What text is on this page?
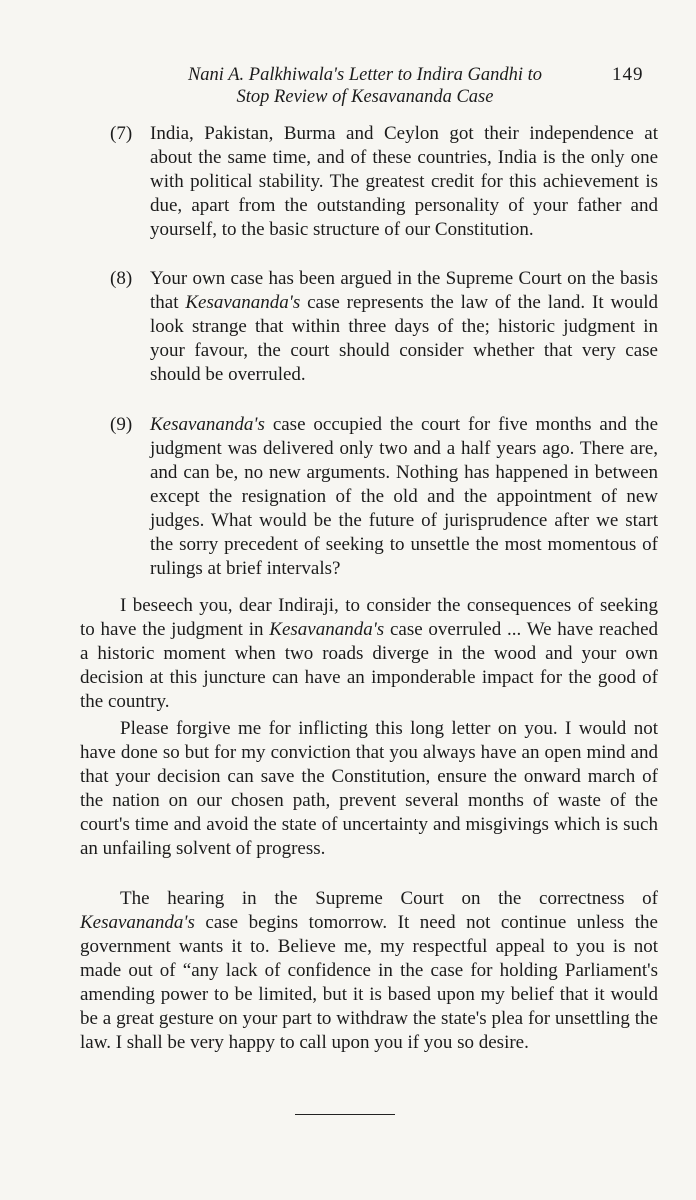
Nani A. Palkhiwala's Letter to Indira Gandhi to
Stop Review of Kesavananda Case
149
(7) India, Pakistan, Burma and Ceylon got their independence at about the same time, and of these countries, India is the only one with political stability. The greatest credit for this achievement is due, apart from the outstanding personality of your father and yourself, to the basic structure of our Constitution.
(8) Your own case has been argued in the Supreme Court on the basis that Kesavananda's case represents the law of the land. It would look strange that within three days of the; historic judgment in your favour, the court should consider whether that very case should be overruled.
(9) Kesavananda's case occupied the court for five months and the judgment was delivered only two and a half years ago. There are, and can be, no new arguments. Nothing has happened in between except the resignation of the old and the appointment of new judges. What would be the future of jurisprudence after we start the sorry precedent of seeking to unsettle the most momentous of rulings at brief intervals?
I beseech you, dear Indiraji, to consider the consequences of seeking to have the judgment in Kesavananda's case overruled ... We have reached a historic moment when two roads diverge in the wood and your own decision at this juncture can have an imponderable impact for the good of the country.
Please forgive me for inflicting this long letter on you. I would not have done so but for my conviction that you always have an open mind and that your decision can save the Constitution, ensure the onward march of the nation on our chosen path, prevent several months of waste of the court's time and avoid the state of uncertainty and misgivings which is such an unfailing solvent of progress.
The hearing in the Supreme Court on the correctness of Kesavananda's case begins tomorrow. It need not continue unless the government wants it to. Believe me, my respectful appeal to you is not made out of “any lack of confidence in the case for holding Parliament's amending power to be limited, but it is based upon my belief that it would be a great gesture on your part to withdraw the state's plea for unsettling the law. I shall be very happy to call upon you if you so desire.
